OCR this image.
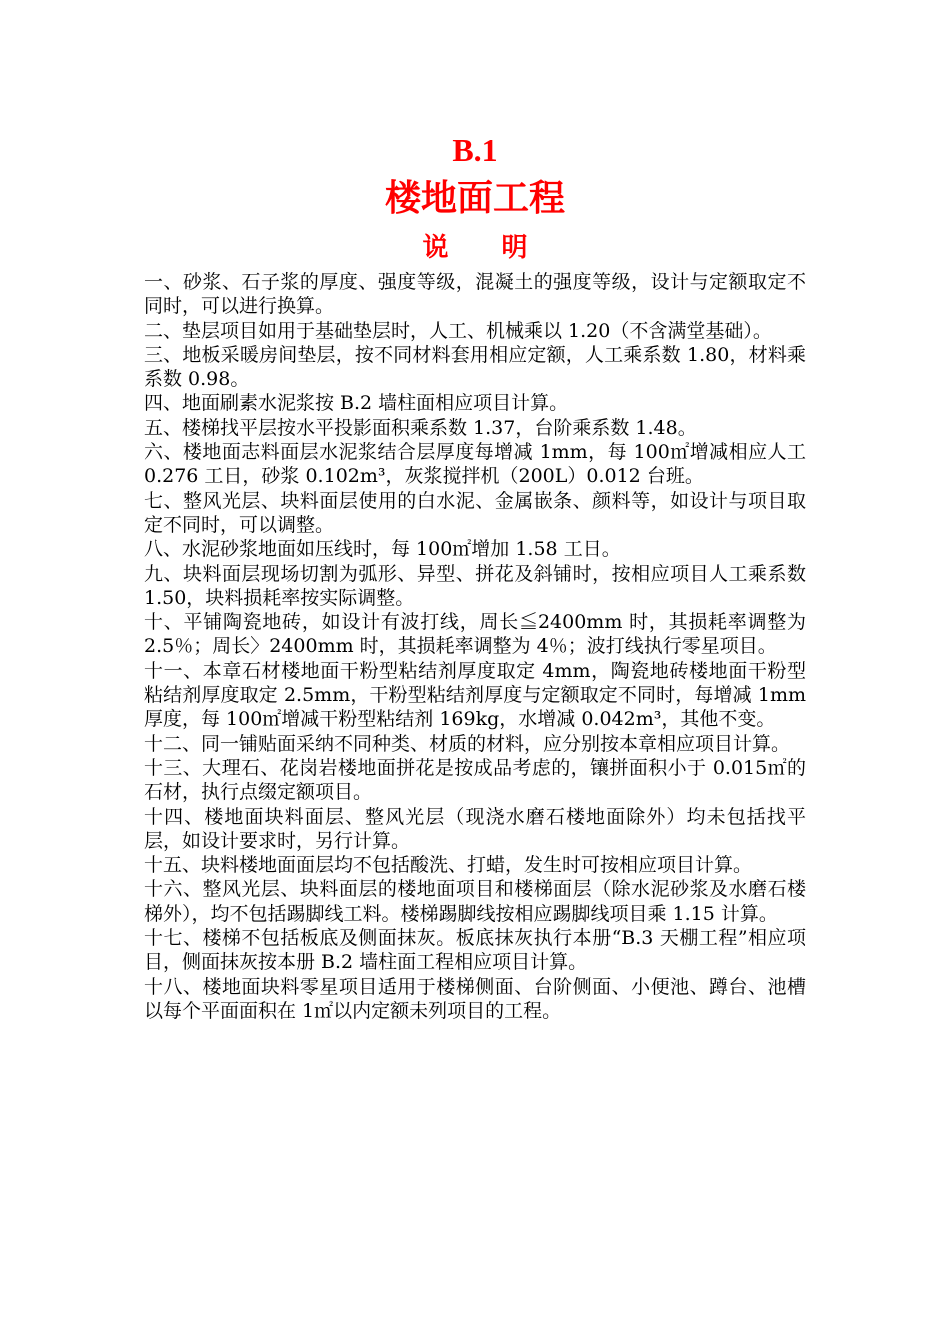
B.1
楼地面工程
说 明

一、砂浆、石子浆的厚度、强度等级，混凝土的强度等级，设计与定额取定不同时，可以进行换算。

二、垫层项目如用于基础垫层时，人工、机械乘以 1.20（不含满堂基础）。

三、地板采暖房间垫层，按不同材料套用相应定额，人工乘系数 1.80，材料乘系数 0.98。

四、地面刷素水泥浆按 B.2 墙柱面相应项目计算。

五、楼梯找平层按水平投影面积乘系数 1.37，台阶乘系数 1.48。

六、楼地面志料面层水泥浆结合层厚度每增减 1mm，每 100㎡增减相应人工 0.276 工日，砂浆 0.102m³，灰浆搅拌机（200L）0.012 台班。

七、整风光层、块料面层使用的白水泥、金属嵌条、颜料等，如设计与项目取定不同时，可以调整。

八、水泥砂浆地面如压线时，每 100㎡增加 1.58 工日。

九、块料面层现场切割为弧形、异型、拼花及斜铺时，按相应项目人工乘系数 1.50，块料损耗率按实际调整。

十、平铺陶瓷地砖，如设计有波打线，周长≦2400mm 时，其损耗率调整为 2.5％；周长〉2400mm 时，其损耗率调整为 4％；波打线执行零星项目。

十一、本章石材楼地面干粉型粘结剂厚度取定 4mm，陶瓷地砖楼地面干粉型粘结剂厚度取定 2.5mm，干粉型粘结剂厚度与定额取定不同时，每增减 1mm 厚度，每 100㎡增减干粉型粘结剂 169kg，水增减 0.042m³，其他不变。

十二、同一铺贴面采纳不同种类、材质的材料，应分别按本章相应项目计算。

十三、大理石、花岗岩楼地面拼花是按成品考虑的，镶拼面积小于 0.015㎡的石材，执行点缀定额项目。

十四、楼地面块料面层、整风光层（现浇水磨石楼地面除外）均未包括找平层，如设计要求时，另行计算。

十五、块料楼地面面层均不包括酸洗、打蜡，发生时可按相应项目计算。

十六、整风光层、块料面层的楼地面项目和楼梯面层（除水泥砂浆及水磨石楼梯外），均不包括踢脚线工料。楼梯踢脚线按相应踢脚线项目乘 1.15 计算。

十七、楼梯不包括板底及侧面抹灰。板底抹灰执行本册“B.3 天棚工程”相应项目，侧面抹灰按本册 B.2 墙柱面工程相应项目计算。

十八、楼地面块料零星项目适用于楼梯侧面、台阶侧面、小便池、蹲台、池槽以每个平面面积在 1㎡以内定额未列项目的工程。
